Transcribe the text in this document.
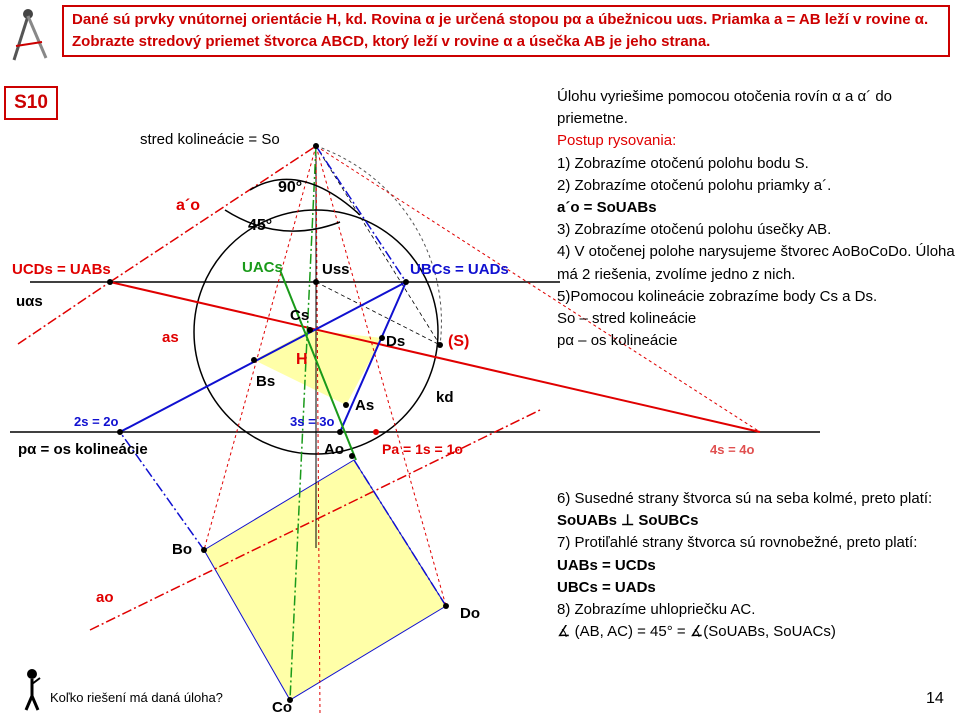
Dané sú prvky vnútornej orientácie H, kd. Rovina α je určená stopou pα a úbežnicou uαs. Priamka a = AB leží v rovine α. Zobrazte stredový priemet štvorca ABCD, ktorý leží v rovine α a úsečka AB je jeho strana.
S10
stred kolineácie = So
90°
45°
a´o
UCDs = UABs
uαs
UACs	Uss	UBCs = UADs
Cs
as	Ds	(S)
H
Bs
As	kd
2s = 2o	3s = 3o
pα = os kolineácie	Ao	Pa = 1s = 1o	4s = 4o
Bo
ao
Do
Co
Úlohu vyriešime pomocou otočenia rovín α a α´ do priemetne.
Postup rysovania:
1) Zobrazíme otočenú polohu bodu S.
2) Zobrazíme otočenú polohu priamky a´.
a´o = SoUABs
3) Zobrazíme otočenú polohu úsečky AB.
4) V otočenej polohe narysujeme štvorec AoBoCoDo. Úloha má 2 riešenia, zvolíme jedno z nich.
5)Pomocou kolineácie zobrazíme body Cs a Ds.
So – stred kolineácie
pα – os kolineácie
6) Susedné strany štvorca sú na seba kolmé, preto platí:
SoUABs ⊥ SoUBCs
7) Protiľahlé strany štvorca sú rovnobežné, preto platí:
UABs = UCDs
UBCs = UADs
8) Zobrazíme uhlopriečku AC.
∡ (AB, AC) = 45° = ∡(SoUABs, SoUACs)
Koľko riešení má daná úloha?	14
